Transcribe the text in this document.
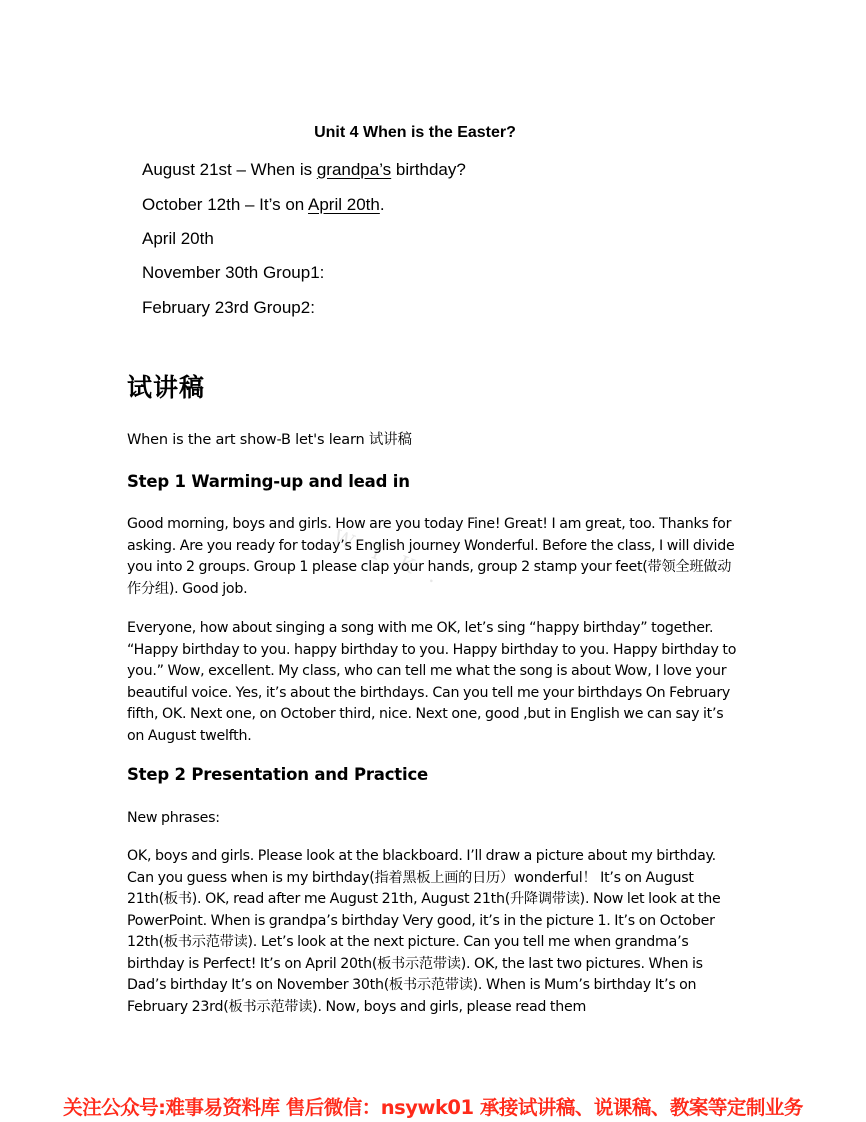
Unit 4 When is the Easter?
August 21st – When is grandpa’s birthday?
October 12th – It’s on April 20th.
April 20th
November 30th Group1:
February 23rd Group2:
试讲稿
When is the art show-B let's learn 试讲稿
Step 1 Warming-up and lead in
Good morning, boys and girls. How are you today Fine! Great! I am great, too. Thanks for asking. Are you ready for today’s English journey Wonderful. Before the class, I will divide you into 2 groups. Group 1 please clap your hands, group 2 stamp your feet(带领全班做动作分组). Good job.
Everyone, how about singing a song with me OK, let’s sing “happy birthday” together. “Happy birthday to you. happy birthday to you. Happy birthday to you. Happy birthday to you.” Wow, excellent. My class, who can tell me what the song is about Wow, I love your beautiful voice. Yes, it’s about the birthdays. Can you tell me your birthdays On February fifth, OK. Next one, on October third, nice. Next one, good ,but in English we can say it’s on August twelfth.
Step 2 Presentation and Practice
New phrases:
OK, boys and girls. Please look at the blackboard. I’ll draw a picture about my birthday. Can you guess when is my birthday(指着黑板上画的日历）wonderful！ It’s on August 21th(板书). OK, read after me August 21th, August 21th(升降调带读). Now let look at the PowerPoint. When is grandpa’s birthday Very good, it’s in the picture 1. It’s on October 12th(板书示范带读). Let’s look at the next picture. Can you tell me when grandma’s birthday is Perfect! It’s on April 20th(板书示范带读). OK, the last two pictures. When is Dad’s birthday It’s on November 30th(板书示范带读). When is Mum’s birthday It’s on February 23rd(板书示范带读). Now, boys and girls, please read them
W T K .
关注公众号:难事易资料库 售后微信：nsywk01 承接试讲稿、说课稿、教案等定制业务
